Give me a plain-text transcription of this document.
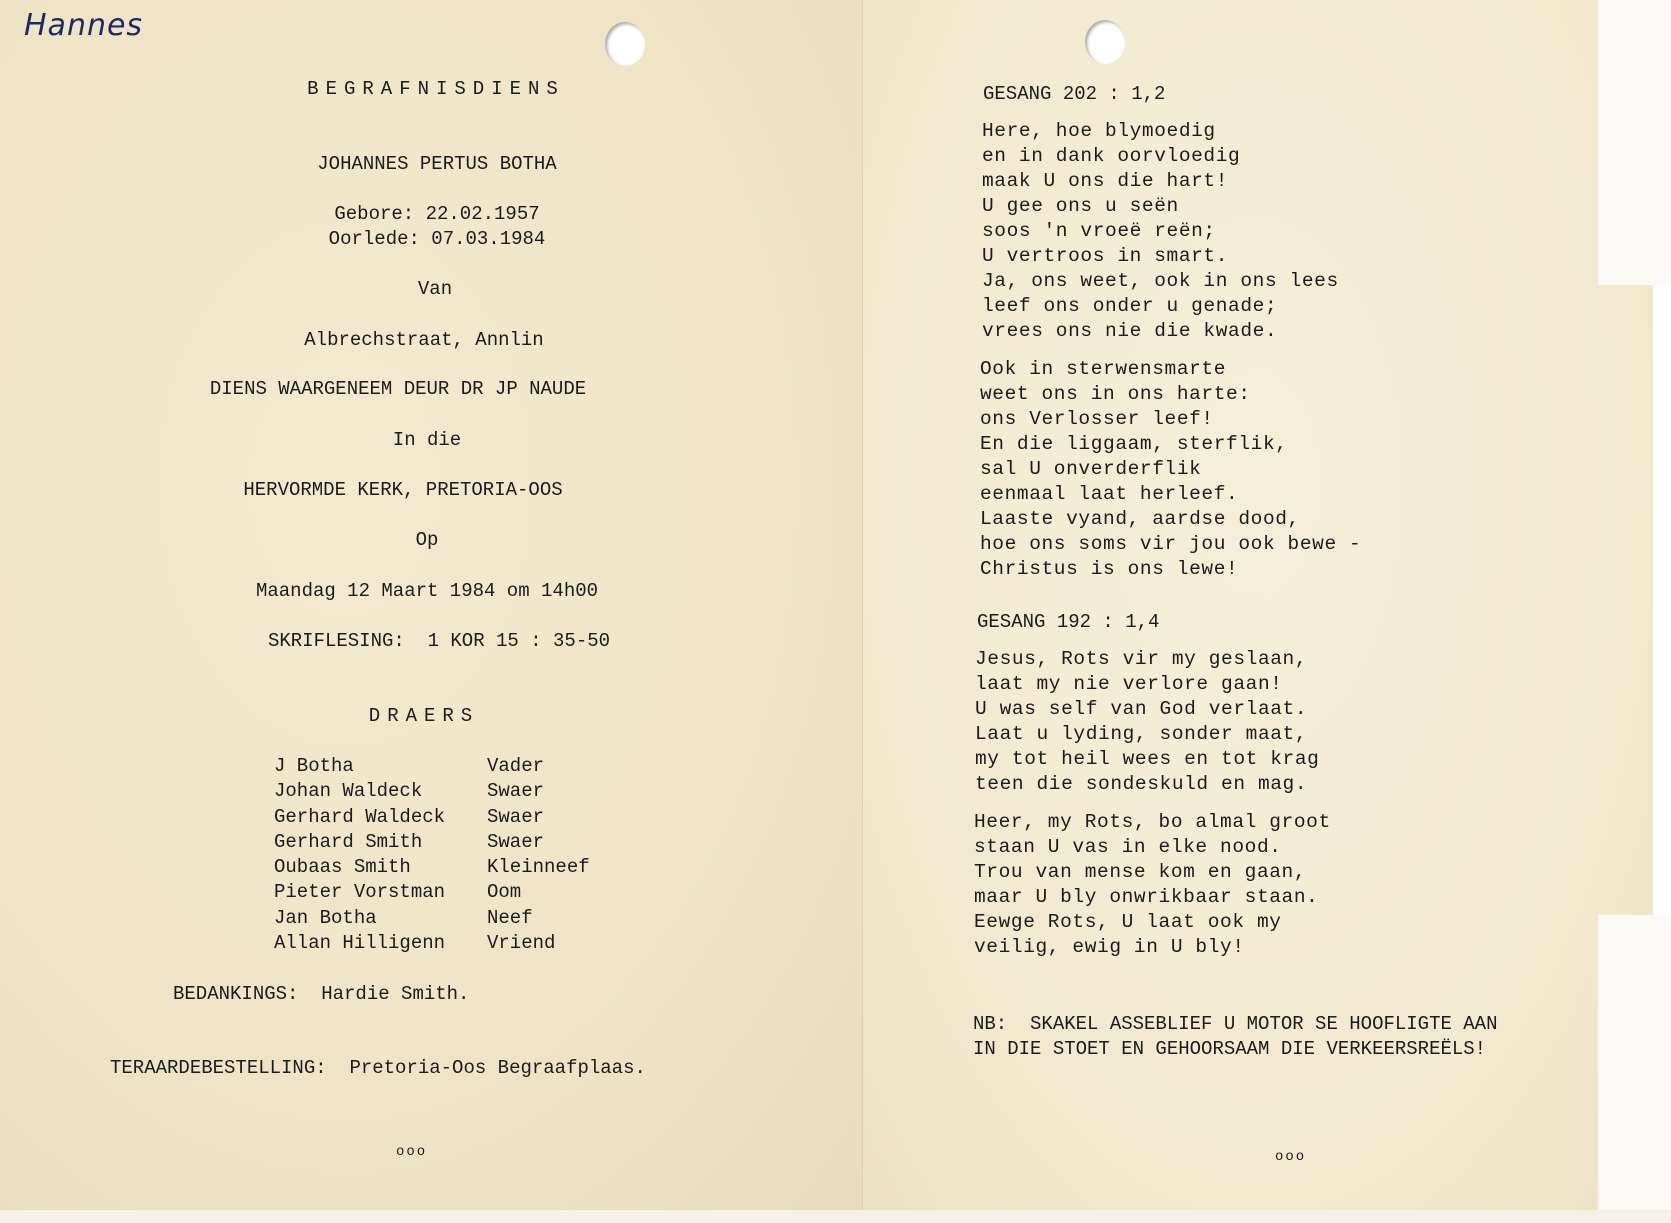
Hannes
BEGRAFNISDIENS
JOHANNES PERTUS BOTHA
Gebore: 22.02.1957
Oorlede: 07.03.1984
Van
Albrechstraat, Annlin
DIENS WAARGENEEM DEUR DR JP NAUDE
In die
HERVORMDE KERK, PRETORIA-OOS
Op
Maandag 12 Maart 1984 om 14h00
SKRIFLESING:  1 KOR 15 : 35-50
DRAERS
J Botha	Vader
Johan Waldeck	Swaer
Gerhard Waldeck Swaer
Gerhard Smith	Swaer
Oubaas Smith	Kleinneef
Pieter Vorstman Oom
Jan Botha	Neef
Allan Hilligenn Vriend
BEDANKINGS:  Hardie Smith.
TERAARDEBESTELLING:  Pretoria-Oos Begraafplaas.
ooo
GESANG 202 : 1,2
Here, hoe blymoedig
en in dank oorvloedig
maak U ons die hart!
U gee ons u seën
soos 'n vroeë reën;
U vertroos in smart.
Ja, ons weet, ook in ons lees
leef ons onder u genade;
vrees ons nie die kwade.
Ook in sterwensmarte
weet ons in ons harte:
ons Verlosser leef!
En die liggaam, sterflik,
sal U onverderflik
eenmaal laat herleef.
Laaste vyand, aardse dood,
hoe ons soms vir jou ook bewe -
Christus is ons lewe!
GESANG 192 : 1,4
Jesus, Rots vir my geslaan,
laat my nie verlore gaan!
U was self van God verlaat.
Laat u lyding, sonder maat,
my tot heil wees en tot krag
teen die sondeskuld en mag.
Heer, my Rots, bo almal groot
staan U vas in elke nood.
Trou van mense kom en gaan,
maar U bly onwrikbaar staan.
Eewge Rots, U laat ook my
veilig, ewig in U bly!
NB:  SKAKEL ASSEBLIEF U MOTOR SE HOOFLIGTE AAN
IN DIE STOET EN GEHOORSAAM DIE VERKEERSREËLS!
ooo
